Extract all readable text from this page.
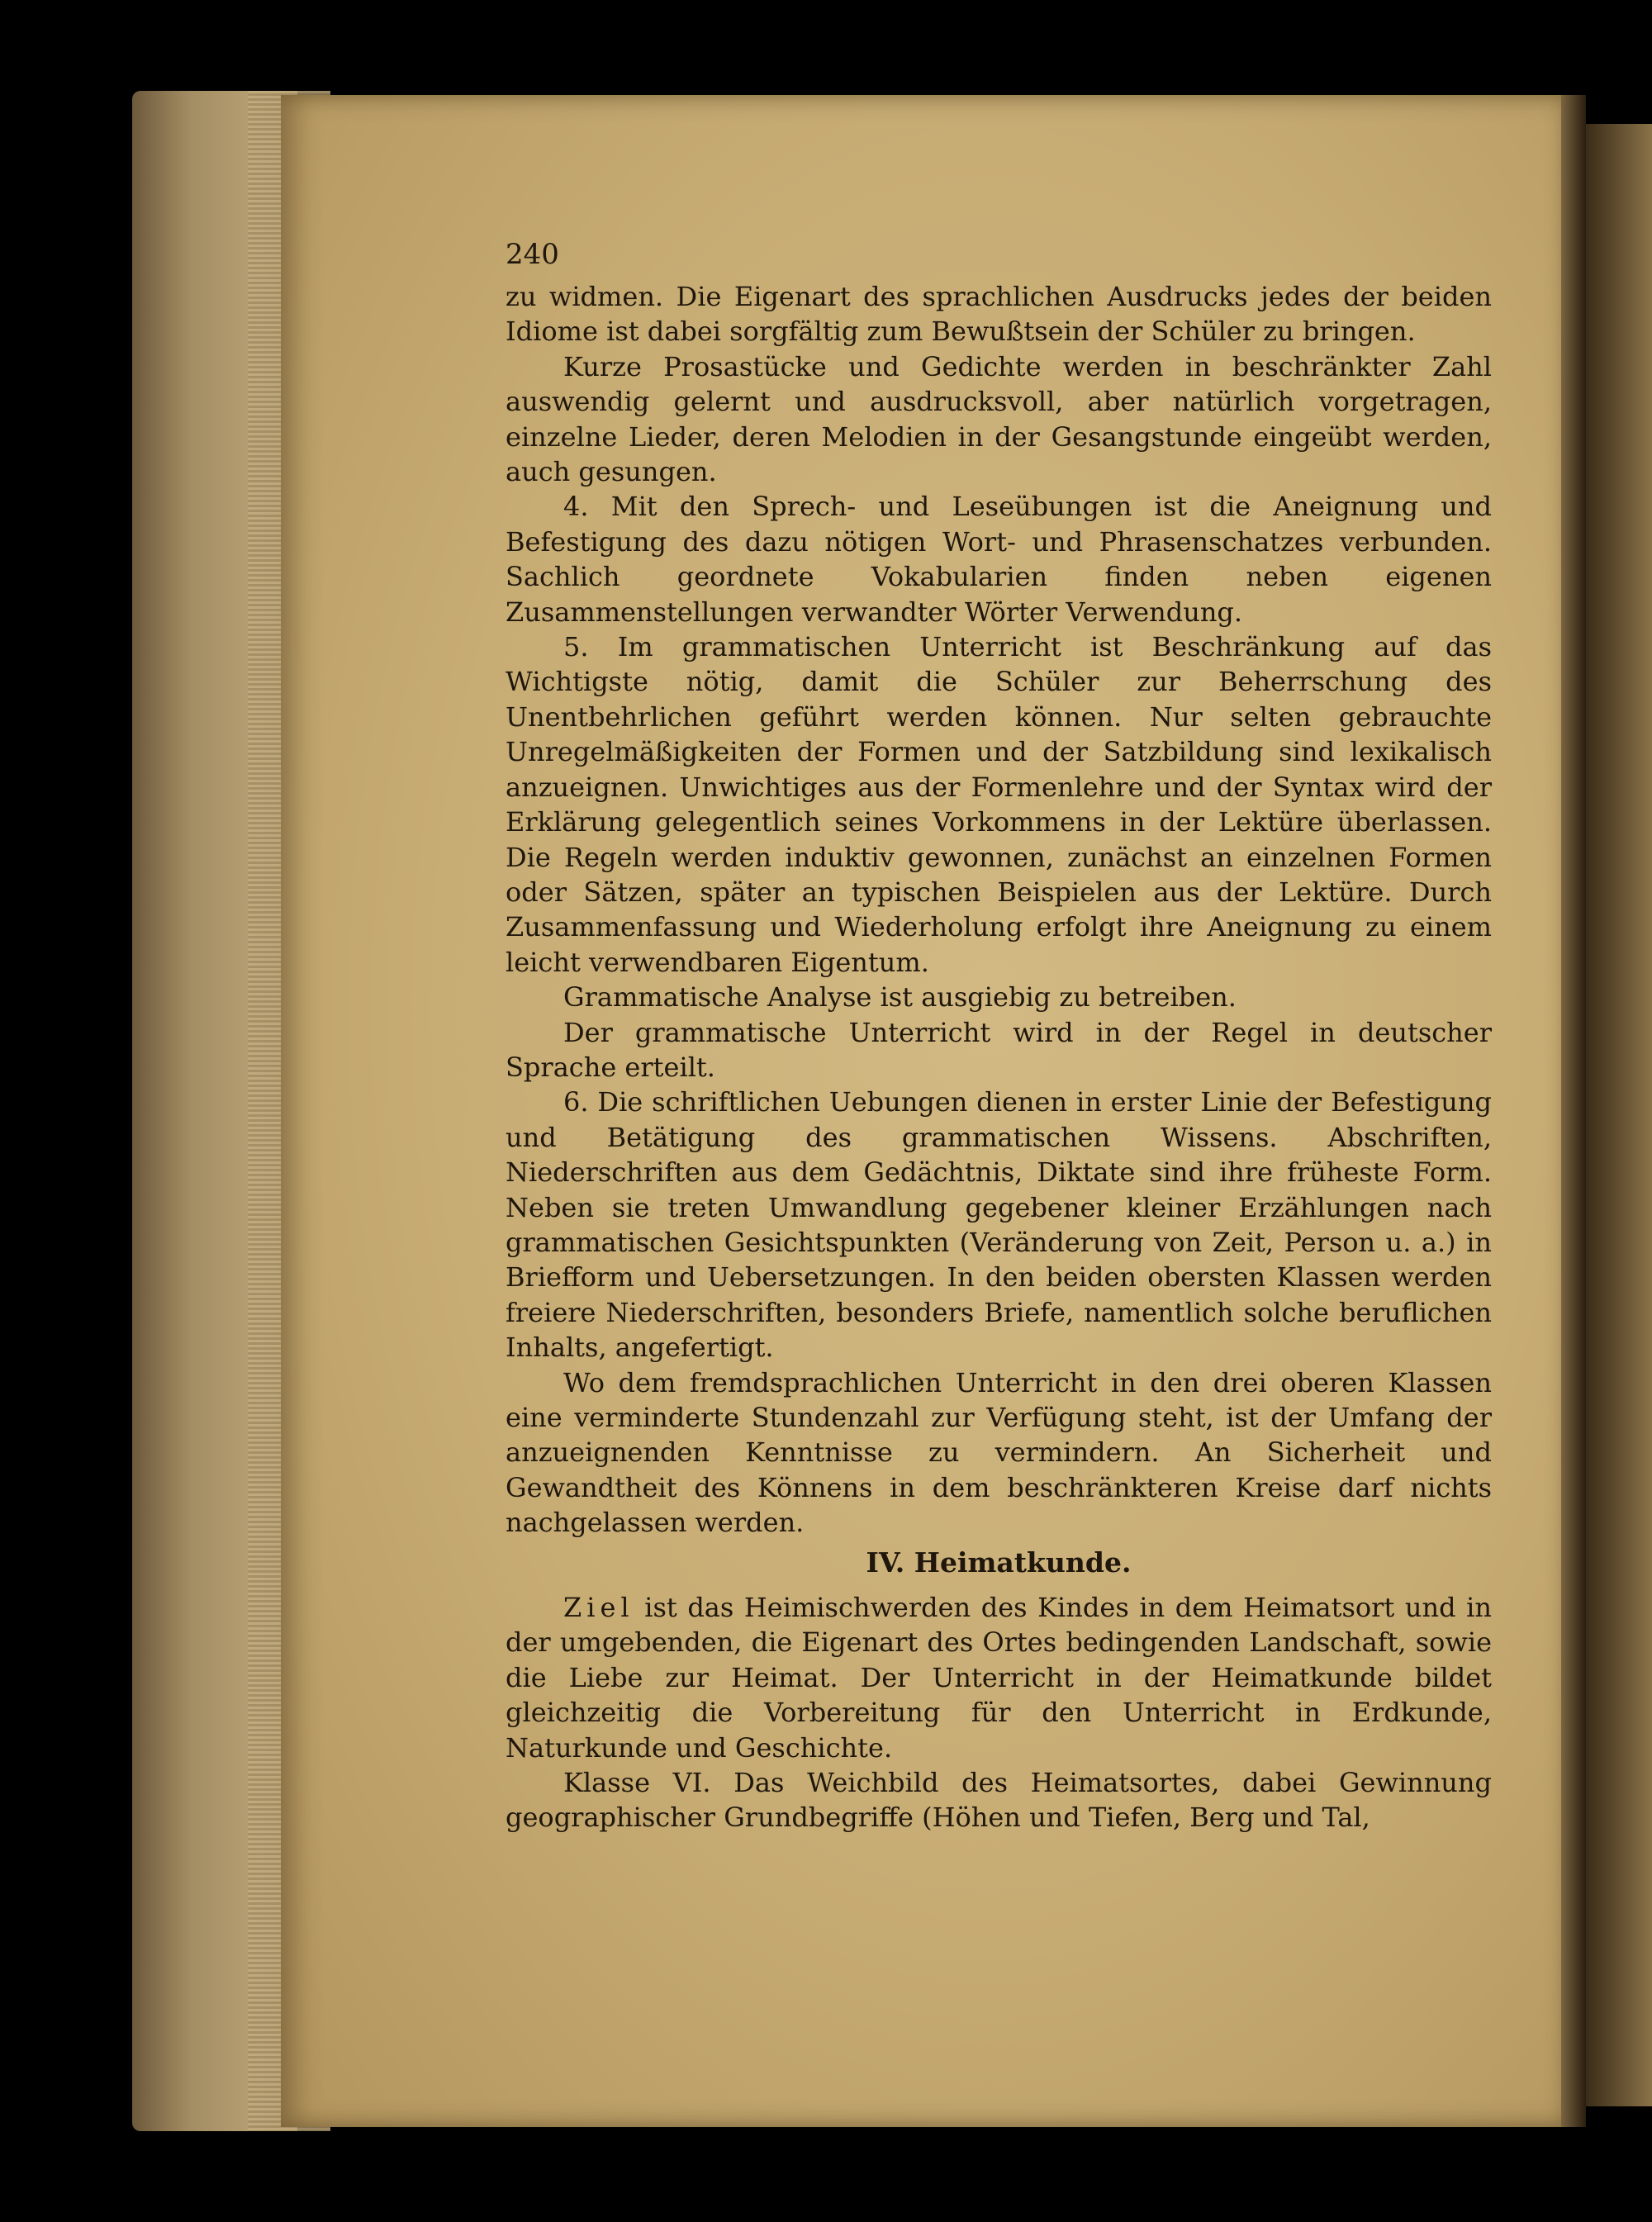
240

zu widmen. Die Eigenart des sprachlichen Ausdrucks jedes der beiden Idiome ist dabei sorgfältig zum Bewußtsein der Schüler zu bringen.

Kurze Prosastücke und Gedichte werden in beschränkter Zahl auswendig gelernt und ausdrucksvoll, aber natürlich vorgetragen, einzelne Lieder, deren Melodien in der Gesangstunde eingeübt werden, auch gesungen.

4. Mit den Sprech- und Leseübungen ist die Aneignung und Befestigung des dazu nötigen Wort- und Phrasenschatzes verbunden. Sachlich geordnete Vokabularien finden neben eigenen Zusammenstellungen verwandter Wörter Verwendung.

5. Im grammatischen Unterricht ist Beschränkung auf das Wichtigste nötig, damit die Schüler zur Beherrschung des Unentbehrlichen geführt werden können. Nur selten gebrauchte Unregelmäßigkeiten der Formen und der Satzbildung sind lexikalisch anzueignen. Unwichtiges aus der Formenlehre und der Syntax wird der Erklärung gelegentlich seines Vorkommens in der Lektüre überlassen. Die Regeln werden induktiv gewonnen, zunächst an einzelnen Formen oder Sätzen, später an typischen Beispielen aus der Lektüre. Durch Zusammenfassung und Wiederholung erfolgt ihre Aneignung zu einem leicht verwendbaren Eigentum.

Grammatische Analyse ist ausgiebig zu betreiben.

Der grammatische Unterricht wird in der Regel in deutscher Sprache erteilt.

6. Die schriftlichen Uebungen dienen in erster Linie der Befestigung und Betätigung des grammatischen Wissens. Abschriften, Niederschriften aus dem Gedächtnis, Diktate sind ihre früheste Form. Neben sie treten Umwandlung gegebener kleiner Erzählungen nach grammatischen Gesichtspunkten (Veränderung von Zeit, Person u. a.) in Briefform und Uebersetzungen. In den beiden obersten Klassen werden freiere Niederschriften, besonders Briefe, namentlich solche beruflichen Inhalts, angefertigt.

Wo dem fremdsprachlichen Unterricht in den drei oberen Klassen eine verminderte Stundenzahl zur Verfügung steht, ist der Umfang der anzueignenden Kenntnisse zu vermindern. An Sicherheit und Gewandtheit des Könnens in dem beschränkteren Kreise darf nichts nachgelassen werden.

IV. Heimatkunde.

Ziel ist das Heimischwerden des Kindes in dem Heimatsort und in der umgebenden, die Eigenart des Ortes bedingenden Landschaft, sowie die Liebe zur Heimat. Der Unterricht in der Heimatkunde bildet gleichzeitig die Vorbereitung für den Unterricht in Erdkunde, Naturkunde und Geschichte.

Klasse VI. Das Weichbild des Heimatsortes, dabei Gewinnung geographischer Grundbegriffe (Höhen und Tiefen, Berg und Tal,
